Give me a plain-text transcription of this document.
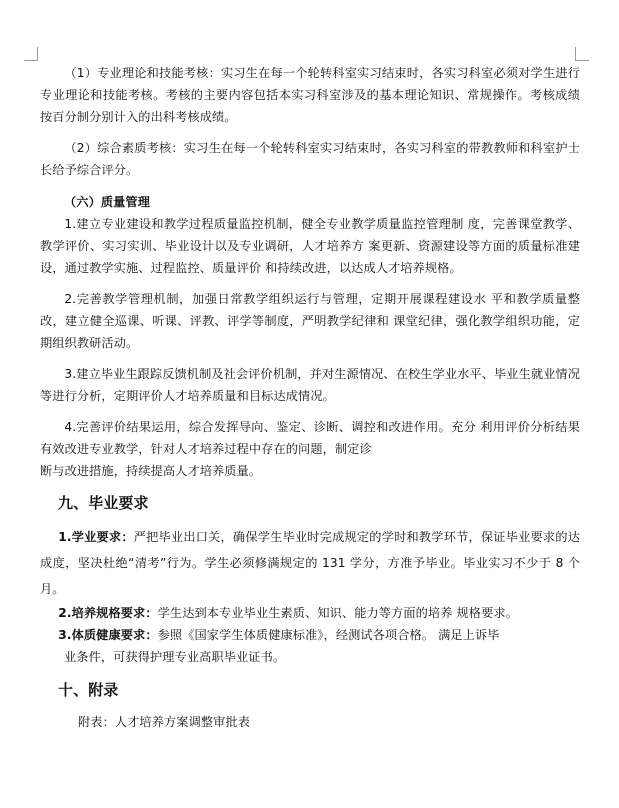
（1）专业理论和技能考核：实习生在每一个轮转科室实习结束时，各实习科室必须对学生进行专业理论和技能考核。考核的主要内容包括本实习科室涉及的基本理论知识、常规操作。考核成绩按百分制分别计入的出科考核成绩。

（2）综合素质考核：实习生在每一个轮转科室实习结束时，各实习科室的带教教师和科室护士长给予综合评分。

（六）质量管理

1.建立专业建设和教学过程质量监控机制，健全专业教学质量监控管理制 度，完善课堂教学、教学评价、实习实训、毕业设计以及专业调研，人才培养方 案更新、资源建设等方面的质量标准建设，通过教学实施、过程监控、质量评价 和持续改进，以达成人才培养规格。

2.完善教学管理机制，加强日常教学组织运行与管理，定期开展课程建设水 平和教学质量整改，建立健全巡课、听课、评教、评学等制度，严明教学纪律和 课堂纪律，强化教学组织功能，定期组织教研活动。

3.建立毕业生跟踪反馈机制及社会评价机制，并对生源情况、在校生学业水平、毕业生就业情况等进行分析，定期评价人才培养质量和目标达成情况。

4.完善评价结果运用，综合发挥导向、鉴定、诊断、调控和改进作用。充分 利用评价分析结果有效改进专业教学，针对人才培养过程中存在的问题，制定诊

断与改进措施，持续提高人才培养质量。

九、毕业要求

1.学业要求：严把毕业出口关，确保学生毕业时完成规定的学时和教学环节，保证毕业要求的达成度，坚决杜绝“清考”行为。学生必须修满规定的 131 学分，方准予毕业。毕业实习不少于 8 个月。

2.培养规格要求：学生达到本专业毕业生素质、知识、能力等方面的培养 规格要求。

3.体质健康要求：参照《国家学生体质健康标准》，经测试各项合格。 满足上诉毕

业条件，可获得护理专业高职毕业证书。

十、附录

附表：人才培养方案调整审批表
